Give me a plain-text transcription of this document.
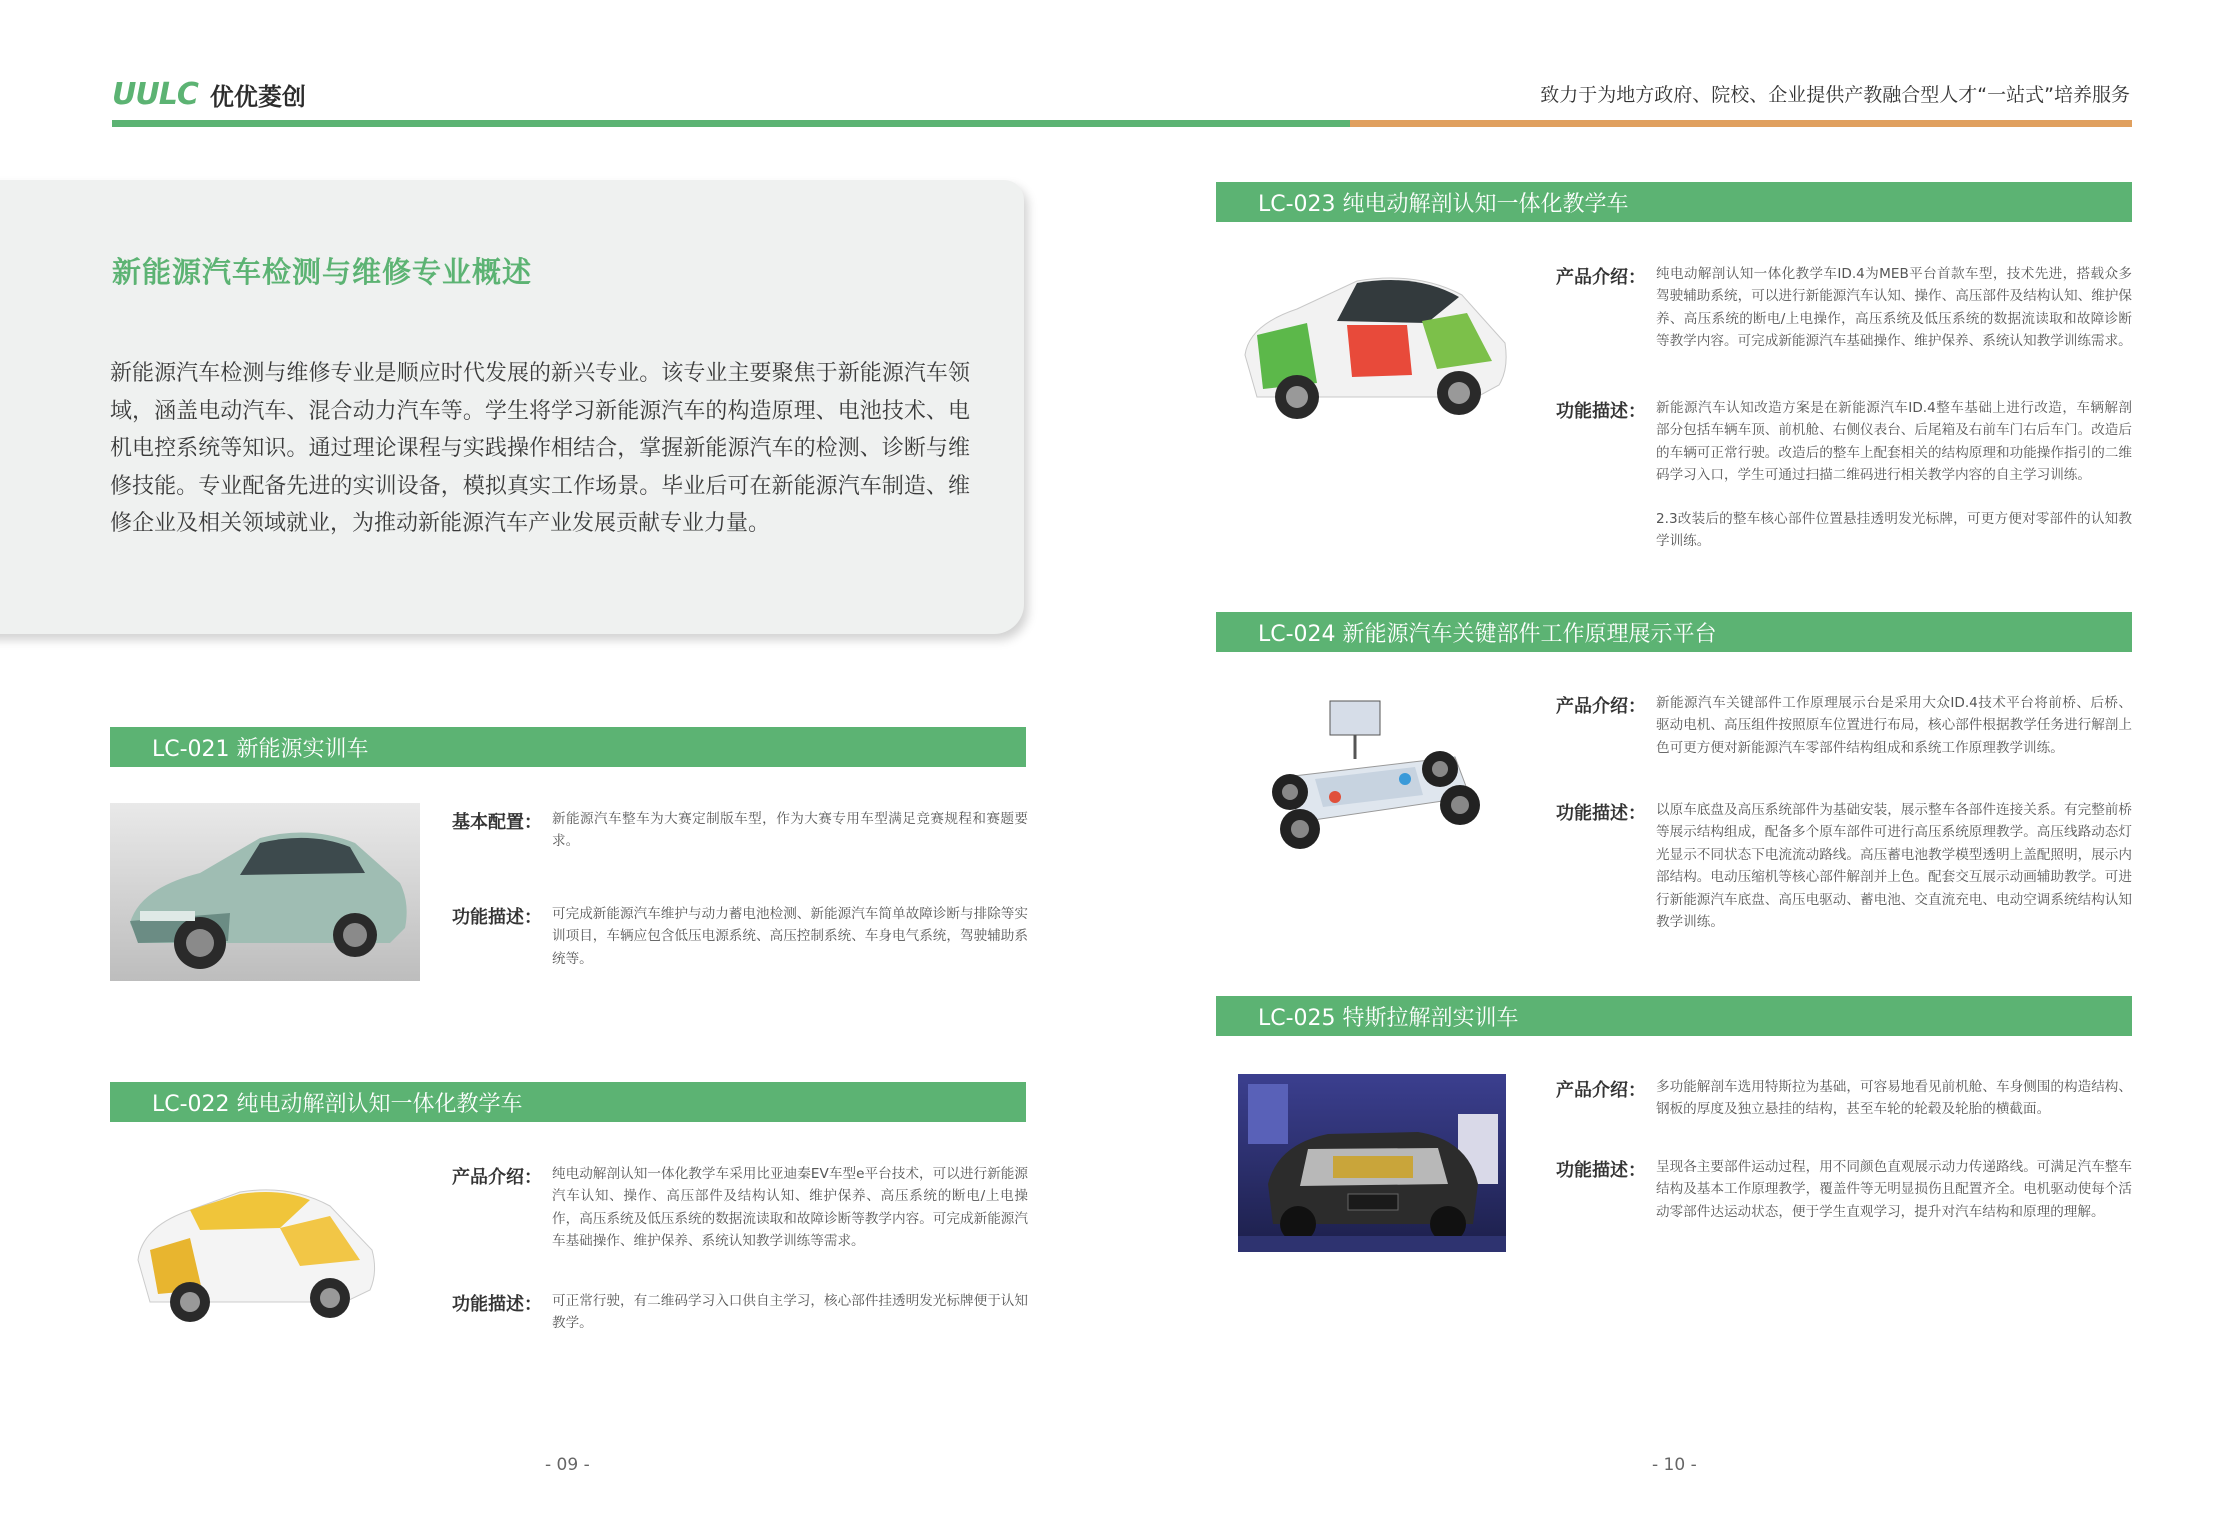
UULC 优优菱创	致力于为地方政府、院校、企业提供产教融合型人才“一站式”培养服务
新能源汽车检测与维修专业概述
新能源汽车检测与维修专业是顺应时代发展的新兴专业。该专业主要聚焦于新能源汽车领域，涵盖电动汽车、混合动力汽车等。学生将学习新能源汽车的构造原理、电池技术、电机电控系统等知识。通过理论课程与实践操作相结合，掌握新能源汽车的检测、诊断与维修技能。专业配备先进的实训设备，模拟真实工作场景。毕业后可在新能源汽车制造、维修企业及相关领域就业，为推动新能源汽车产业发展贡献专业力量。
LC-021 新能源实训车
基本配置： 新能源汽车整车为大赛定制版车型，作为大赛专用车型满足竞赛规程和赛题要求。
功能描述： 可完成新能源汽车维护与动力蓄电池检测、新能源汽车简单故障诊断与排除等实训项目，车辆应包含低压电源系统、高压控制系统、车身电气系统，驾驶辅助系统等。
LC-022 纯电动解剖认知一体化教学车
产品介绍： 纯电动解剖认知一体化教学车采用比亚迪秦EV车型e平台技术，可以进行新能源汽车认知、操作、高压部件及结构认知、维护保养、高压系统的断电/上电操作，高压系统及低压系统的数据流读取和故障诊断等教学内容。可完成新能源汽车基础操作、维护保养、系统认知教学训练等需求。
功能描述： 可正常行驶，有二维码学习入口供自主学习，核心部件挂透明发光标牌便于认知教学。
- 09 -
LC-023 纯电动解剖认知一体化教学车
产品介绍： 纯电动解剖认知一体化教学车ID.4为MEB平台首款车型，技术先进，搭载众多驾驶辅助系统，可以进行新能源汽车认知、操作、高压部件及结构认知、维护保养、高压系统的断电/上电操作，高压系统及低压系统的数据流读取和故障诊断等教学内容。可完成新能源汽车基础操作、维护保养、系统认知教学训练需求。
功能描述： 新能源汽车认知改造方案是在新能源汽车ID.4整车基础上进行改造，车辆解剖部分包括车辆车顶、前机舱、右侧仪表台、后尾箱及右前车门右后车门。改造后的车辆可正常行驶。改造后的整车上配套相关的结构原理和功能操作指引的二维码学习入口，学生可通过扫描二维码进行相关教学内容的自主学习训练。
2.3改装后的整车核心部件位置悬挂透明发光标牌，可更方便对零部件的认知教学训练。
LC-024 新能源汽车关键部件工作原理展示平台
产品介绍： 新能源汽车关键部件工作原理展示台是采用大众ID.4技术平台将前桥、后桥、驱动电机、高压组件按照原车位置进行布局，核心部件根据教学任务进行解剖上色可更方便对新能源汽车零部件结构组成和系统工作原理教学训练。
功能描述： 以原车底盘及高压系统部件为基础安装，展示整车各部件连接关系。有完整前桥等展示结构组成，配备多个原车部件可进行高压系统原理教学。高压线路动态灯光显示不同状态下电流流动路线。高压蓄电池教学模型透明上盖配照明，展示内部结构。电动压缩机等核心部件解剖并上色。配套交互展示动画辅助教学。可进行新能源汽车底盘、高压电驱动、蓄电池、交直流充电、电动空调系统结构认知教学训练。
LC-025 特斯拉解剖实训车
产品介绍： 多功能解剖车选用特斯拉为基础，可容易地看见前机舱、车身侧围的构造结构、钢板的厚度及独立悬挂的结构，甚至车轮的轮毂及轮胎的横截面。
功能描述： 呈现各主要部件运动过程，用不同颜色直观展示动力传递路线。可满足汽车整车结构及基本工作原理教学，覆盖件等无明显损伤且配置齐全。电机驱动使每个活动零部件达运动状态，便于学生直观学习，提升对汽车结构和原理的理解。
- 10 -
